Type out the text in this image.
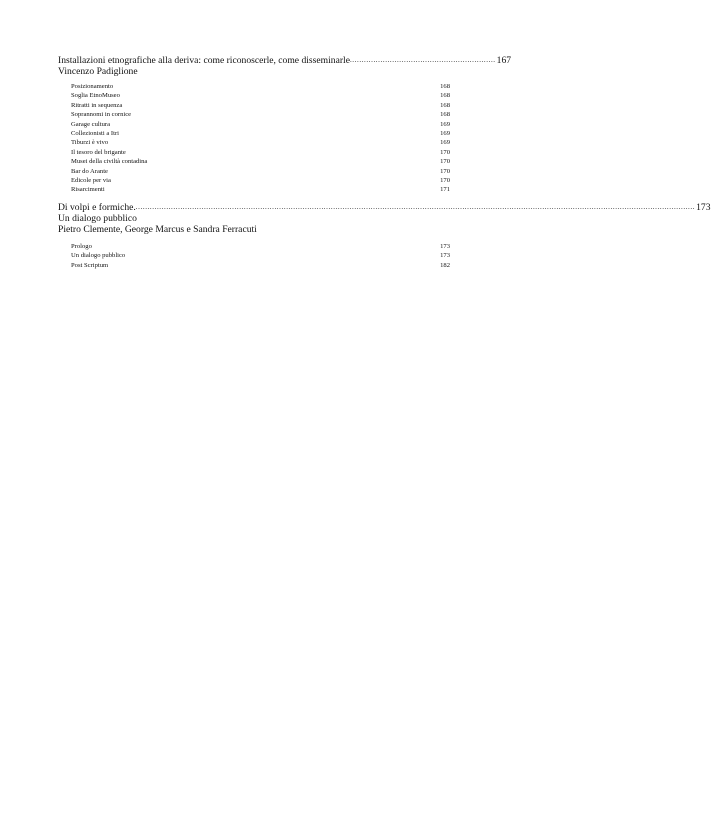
Installazioni etnografiche alla deriva: come riconoscerle, come disseminarle .............................................................. 167
Vincenzo Padiglione
Posizionamento	168
Soglia EtnoMuseo	168
Ritratti in sequenza	168
Soprannomi in cornice	168
Garage cultura	169
Collezionisti a Itri	169
Tiburzi è vivo	169
Il tesoro del brigante	170
Musei della civiltà contadina	170
Bar do Arante	170
Edicole per via	170
Risarcimenti	171
Di volpi e formiche. .............................................................................................................................................................................................................................................. 173
Un dialogo pubblico
Pietro Clemente, George Marcus e Sandra Ferracuti
Prologo	173
Un dialogo pubblico	173
Post Scriptum	182
